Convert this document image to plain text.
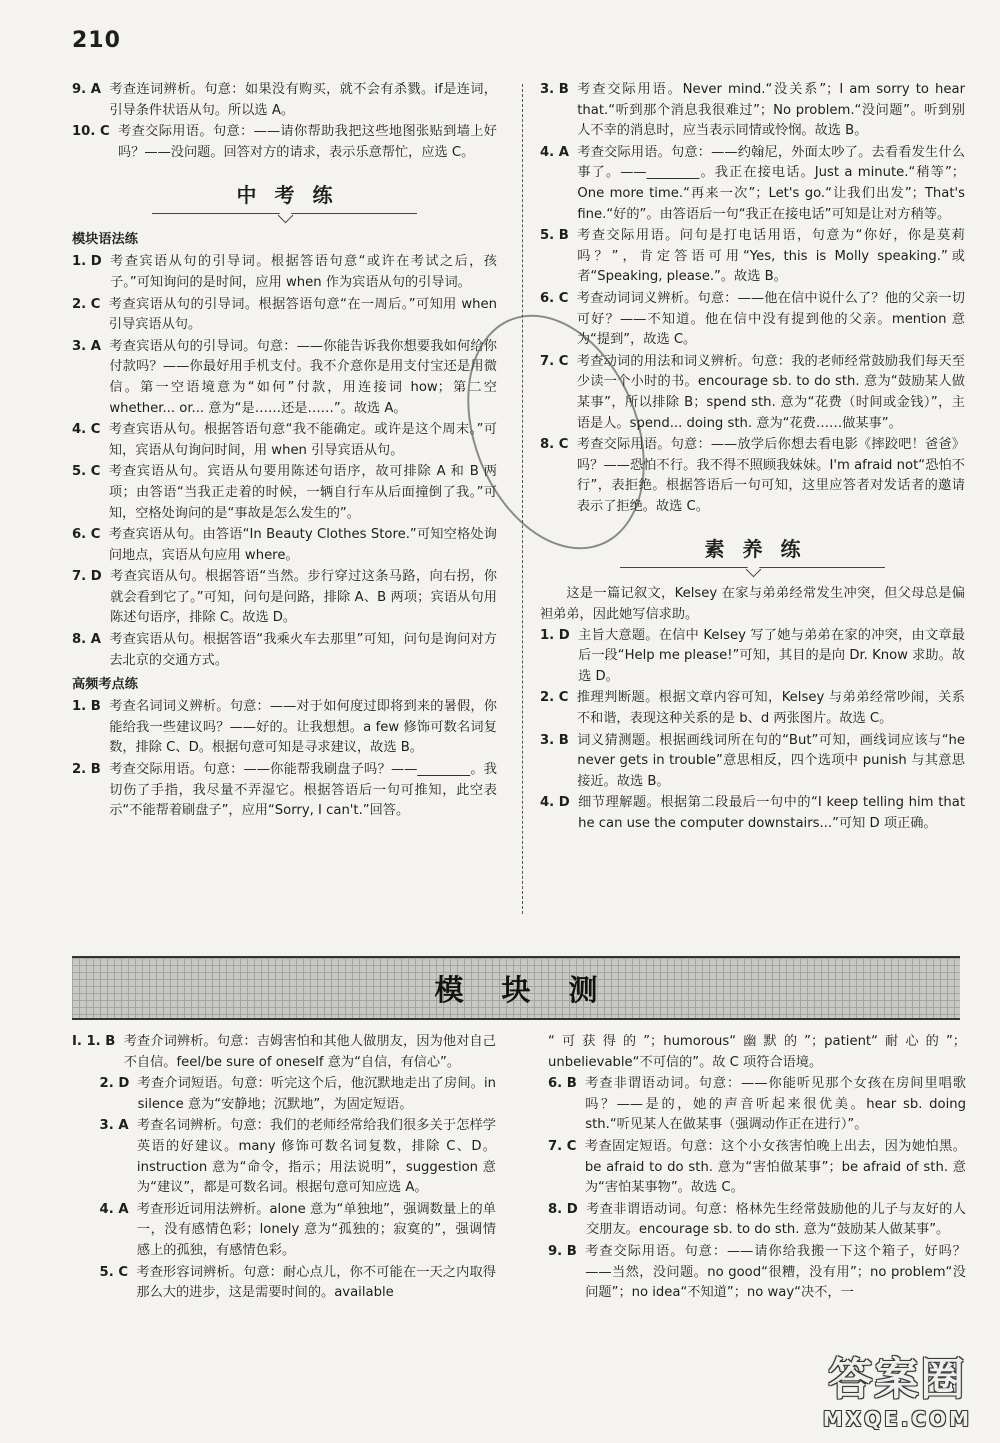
210
9. A
考查连词辨析。句意：如果没有购买，就不会有杀戮。if是连词，引导条件状语从句。所以选 A。
10. C
考查交际用语。句意：——请你帮助我把这些地图张贴到墙上好吗？——没问题。回答对方的请求，表示乐意帮忙，应选 C。
中考练
模块语法练
1. D
考查宾语从句的引导词。根据答语句意“或许在考试之后，孩子。”可知询问的是时间，应用 when 作为宾语从句的引导词。
2. C
考查宾语从句的引导词。根据答语句意“在一周后。”可知用 when 引导宾语从句。
3. A
考查宾语从句的引导词。句意：——你能告诉我你想要我如何给你付款吗？——你最好用手机支付。我不介意你是用支付宝还是用微信。第一空语境意为“如何”付款，用连接词 how；第二空 whether... or... 意为“是……还是……”。故选 A。
4. C
考查宾语从句。根据答语句意“我不能确定。或许是这个周末。”可知，宾语从句询问时间，用 when 引导宾语从句。
5. C
考查宾语从句。宾语从句要用陈述句语序，故可排除 A 和 B 两项；由答语“当我正走着的时候，一辆自行车从后面撞倒了我。”可知，空格处询问的是“事故是怎么发生的”。
6. C
考查宾语从句。由答语“In Beauty Clothes Store.”可知空格处询问地点，宾语从句应用 where。
7. D
考查宾语从句。根据答语“当然。步行穿过这条马路，向右拐，你就会看到它了。”可知，问句是问路，排除 A、B 两项；宾语从句用陈述句语序，排除 C。故选 D。
8. A
考查宾语从句。根据答语“我乘火车去那里”可知，问句是询问对方去北京的交通方式。
高频考点练
1. B
考查名词词义辨析。句意：——对于如何度过即将到来的暑假，你能给我一些建议吗？——好的。让我想想。a few 修饰可数名词复数，排除 C、D。根据句意可知是寻求建议，故选 B。
2. B
考查交际用语。句意：——你能帮我刷盘子吗？——________。我切伤了手指，我尽量不弄湿它。根据答语后一句可推知，此空表示“不能帮着刷盘子”，应用“Sorry, I can't.”回答。
3. B
考查交际用语。Never mind.“没关系”；I am sorry to hear that.“听到那个消息我很难过”；No problem.“没问题”。听到别人不幸的消息时，应当表示同情或怜悯。故选 B。
4. A
考查交际用语。句意：——约翰尼，外面太吵了。去看看发生什么事了。——________。我正在接电话。Just a minute.“稍等”；One more time.“再来一次”；Let's go.“让我们出发”；That's fine.“好的”。由答语后一句“我正在接电话”可知是让对方稍等。
5. B
考查交际用语。问句是打电话用语，句意为“你好，你是莫莉吗？”，肯定答语可用“Yes, this is Molly speaking.”或者“Speaking, please.”。故选 B。
6. C
考查动词词义辨析。句意：——他在信中说什么了？他的父亲一切可好？——不知道。他在信中没有提到他的父亲。mention 意为“提到”，故选 C。
7. C
考查动词的用法和词义辨析。句意：我的老师经常鼓励我们每天至少读一个小时的书。encourage sb. to do sth. 意为“鼓励某人做某事”，所以排除 B；spend sth. 意为“花费（时间或金钱）”，主语是人。spend... doing sth. 意为“花费……做某事”。
8. C
考查交际用语。句意：——放学后你想去看电影《摔跤吧！爸爸》吗？——恐怕不行。我不得不照顾我妹妹。I'm afraid not“恐怕不行”，表拒绝。根据答语后一句可知，这里应答者对发话者的邀请表示了拒绝。故选 C。
素养练
这是一篇记叙文，Kelsey 在家与弟弟经常发生冲突，但父母总是偏袒弟弟，因此她写信求助。
1. D
主旨大意题。在信中 Kelsey 写了她与弟弟在家的冲突，由文章最后一段“Help me please!”可知，其目的是向 Dr. Know 求助。故选 D。
2. C
推理判断题。根据文章内容可知，Kelsey 与弟弟经常吵闹，关系不和谐，表现这种关系的是 b、d 两张图片。故选 C。
3. B
词义猜测题。根据画线词所在句的“But”可知，画线词应该与“he never gets in trouble”意思相反，四个选项中 punish 与其意思接近。故选 B。
4. D
细节理解题。根据第二段最后一句中的“I keep telling him that he can use the computer downstairs...”可知 D 项正确。
模块测
Ⅰ. 1. B
考查介词辨析。句意：吉姆害怕和其他人做朋友，因为他对自己不自信。feel/be sure of oneself 意为“自信，有信心”。
2. D
考查介词短语。句意：听完这个后，他沉默地走出了房间。in silence 意为“安静地；沉默地”，为固定短语。
3. A
考查名词辨析。句意：我们的老师经常给我们很多关于怎样学英语的好建议。many 修饰可数名词复数，排除 C、D。instruction 意为“命令，指示；用法说明”，suggestion 意为“建议”，都是可数名词。根据句意可知应选 A。
4. A
考查形近词用法辨析。alone 意为“单独地”，强调数量上的单一，没有感情色彩；lonely 意为“孤独的；寂寞的”，强调情感上的孤独，有感情色彩。
5. C
考查形容词辨析。句意：耐心点儿，你不可能在一天之内取得那么大的进步，这是需要时间的。available
“可获得的”；humorous“幽默的”；patient“耐心的”；unbelievable“不可信的”。故 C 项符合语境。
6. B
考查非谓语动词。句意：——你能听见那个女孩在房间里唱歌吗？——是的，她的声音听起来很优美。hear sb. doing sth.“听见某人在做某事（强调动作正在进行）”。
7. C
考查固定短语。句意：这个小女孩害怕晚上出去，因为她怕黑。be afraid to do sth. 意为“害怕做某事”；be afraid of sth. 意为“害怕某事物”。故选 C。
8. D
考查非谓语动词。句意：格林先生经常鼓励他的儿子与友好的人交朋友。encourage sb. to do sth. 意为“鼓励某人做某事”。
9. B
考查交际用语。句意：——请你给我搬一下这个箱子，好吗？——当然，没问题。no good“很糟，没有用”；no problem“没问题”；no idea“不知道”；no way“决不，一
答案圈
MXQE.COM
